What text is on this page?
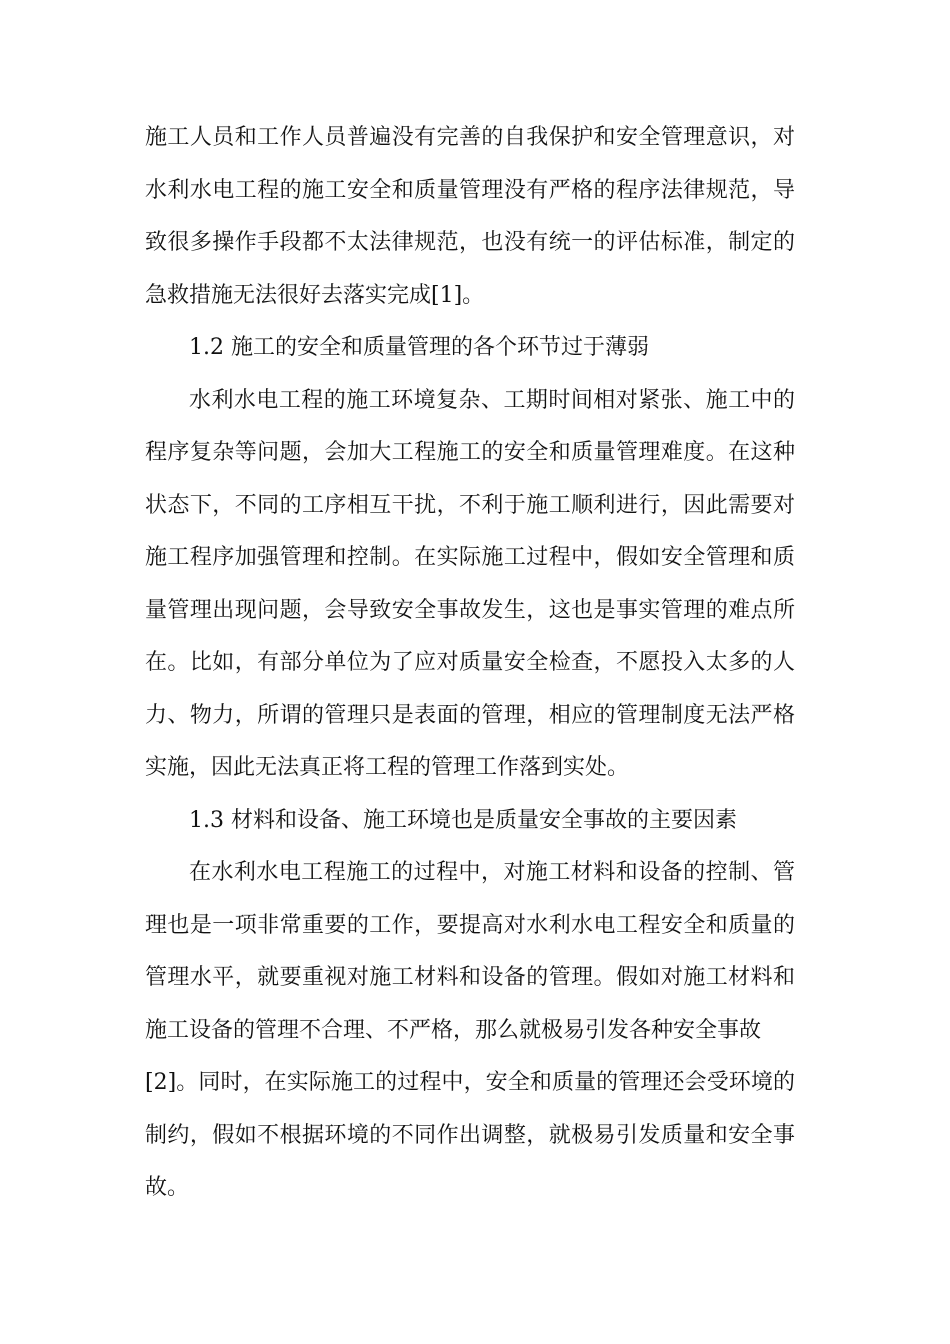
施工人员和工作人员普遍没有完善的自我保护和安全管理意识，对
水利水电工程的施工安全和质量管理没有严格的程序法律规范，导
致很多操作手段都不太法律规范，也没有统一的评估标准，制定的
急救措施无法很好去落实完成[1]。
1.2 施工的安全和质量管理的各个环节过于薄弱
水利水电工程的施工环境复杂、工期时间相对紧张、施工中的
程序复杂等问题，会加大工程施工的安全和质量管理难度。在这种
状态下，不同的工序相互干扰，不利于施工顺利进行，因此需要对
施工程序加强管理和控制。在实际施工过程中，假如安全管理和质
量管理出现问题，会导致安全事故发生，这也是事实管理的难点所
在。比如，有部分单位为了应对质量安全检查，不愿投入太多的人
力、物力，所谓的管理只是表面的管理，相应的管理制度无法严格
实施，因此无法真正将工程的管理工作落到实处。
1.3 材料和设备、施工环境也是质量安全事故的主要因素
在水利水电工程施工的过程中，对施工材料和设备的控制、管
理也是一项非常重要的工作，要提高对水利水电工程安全和质量的
管理水平，就要重视对施工材料和设备的管理。假如对施工材料和
施工设备的管理不合理、不严格，那么就极易引发各种安全事故
[2]。同时，在实际施工的过程中，安全和质量的管理还会受环境的
制约，假如不根据环境的不同作出调整，就极易引发质量和安全事
故。
